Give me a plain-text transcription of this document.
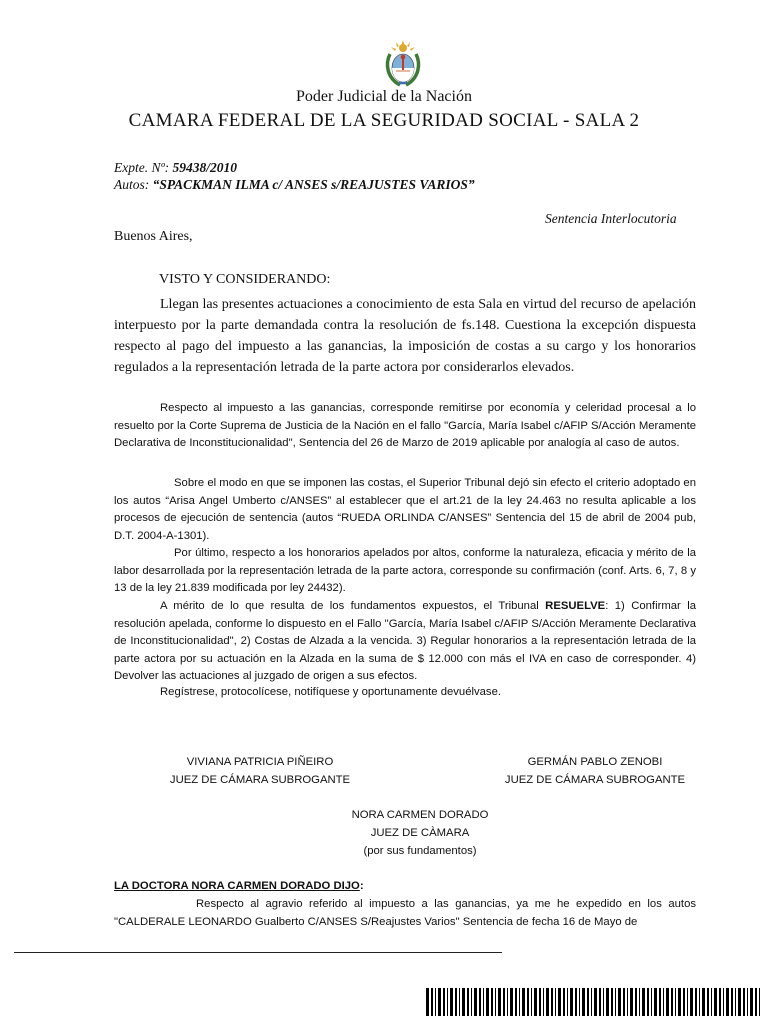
Poder Judicial de la Nación
CAMARA FEDERAL DE LA SEGURIDAD SOCIAL - SALA 2
Expte. Nº: 59438/2010
Autos: “SPACKMAN ILMA c/ ANSES s/REAJUSTES VARIOS”
Sentencia Interlocutoria
Buenos Aires,
VISTO Y CONSIDERANDO:

Llegan las presentes actuaciones a conocimiento de esta Sala en virtud del recurso de apelación interpuesto por la parte demandada contra la resolución de fs.148. Cuestiona la excepción dispuesta respecto al pago del impuesto a las ganancias, la imposición de costas a su cargo y los honorarios regulados a la representación letrada de la parte actora por considerarlos elevados.

Respecto al impuesto a las ganancias, corresponde remitirse por economía y celeridad procesal a lo resuelto por la Corte Suprema de Justicia de la Nación en el fallo "García, María Isabel c/AFIP S/Acción Meramente Declarativa de Inconstitucionalidad", Sentencia del 26 de Marzo de 2019 aplicable por analogía al caso de autos.

Sobre el modo en que se imponen las costas, el Superior Tribunal dejó sin efecto el criterio adoptado en los autos “Arisa Angel Umberto c/ANSES” al establecer que el art.21 de la ley 24.463 no resulta aplicable a los procesos de ejecución de sentencia (autos “RUEDA ORLINDA C/ANSES” Sentencia del 15 de abril de 2004 pub, D.T. 2004-A-1301).

Por último, respecto a los honorarios apelados por altos, conforme la naturaleza, eficacia y mérito de la labor desarrollada por la representación letrada de la parte actora, corresponde su confirmación (conf. Arts. 6, 7, 8 y 13 de la ley 21.839 modificada por ley 24432).

A mérito de lo que resulta de los fundamentos expuestos, el Tribunal RESUELVE: 1) Confirmar la resolución apelada, conforme lo dispuesto en el Fallo "García, María Isabel c/AFIP S/Acción Meramente Declarativa de Inconstitucionalidad", 2) Costas de Alzada a la vencida. 3) Regular honorarios a la representación letrada de la parte actora por su actuación en la Alzada en la suma de $ 12.000 con más el IVA en caso de corresponder. 4) Devolver las actuaciones al juzgado de origen a sus efectos.

Regístrese, protocolícese, notifíquese y oportunamente devuélvase.
VIVIANA PATRICIA PIÑEIRO
JUEZ DE CÁMARA SUBROGANTE
GERMÁN PABLO ZENOBI
JUEZ DE CÁMARA SUBROGANTE
NORA CARMEN DORADO
JUEZ DE CÀMARA
(por sus fundamentos)
LA DOCTORA NORA CARMEN DORADO DIJO:

Respecto al agravio referido al impuesto a las ganancias, ya me he expedido en los autos "CALDERALE LEONARDO Gualberto C/ANSES S/Reajustes Varios" Sentencia de fecha 16 de Mayo de
